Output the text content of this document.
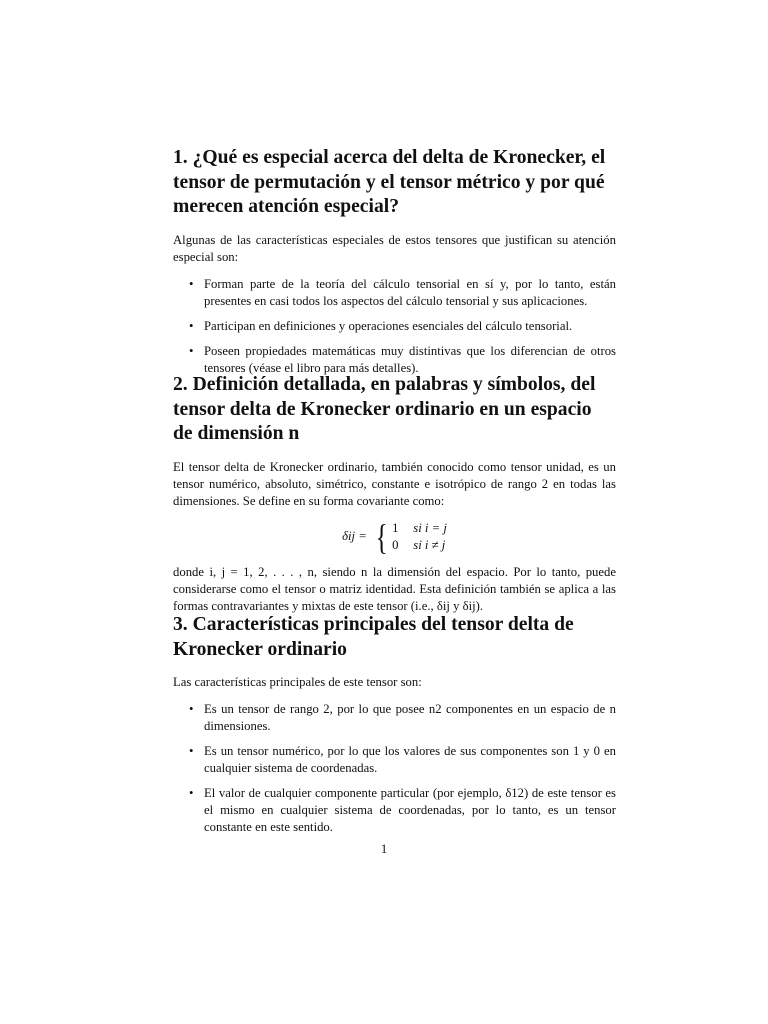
1. ¿Qué es especial acerca del delta de Kronecker, el tensor de permutación y el tensor métrico y por qué merecen atención especial?

Algunas de las características especiales de estos tensores que justifican su atención especial son:

• Forman parte de la teoría del cálculo tensorial en sí y, por lo tanto, están presentes en casi todos los aspectos del cálculo tensorial y sus aplicaciones.
• Participan en definiciones y operaciones esenciales del cálculo tensorial.
• Poseen propiedades matemáticas muy distintivas que los diferencian de otros tensores (véase el libro para más detalles).
2. Definición detallada, en palabras y símbolos, del tensor delta de Kronecker ordinario en un espacio de dimensión n

El tensor delta de Kronecker ordinario, también conocido como tensor unidad, es un tensor numérico, absoluto, simétrico, constante e isotrópico de rango 2 en todas las dimensiones. Se define en su forma covariante como:

δij = { 1 si i = j
0 si i ≠ j

donde i, j = 1, 2, . . . , n, siendo n la dimensión del espacio. Por lo tanto, puede considerarse como el tensor o matriz identidad. Esta definición también se aplica a las formas contravariantes y mixtas de este tensor (i.e., δij y δij).

3. Características principales del tensor delta de Kronecker ordinario

Las características principales de este tensor son:

• Es un tensor de rango 2, por lo que posee n2 componentes en un espacio de n dimensiones.
• Es un tensor numérico, por lo que los valores de sus componentes son 1 y 0 en cualquier sistema de coordenadas.
• El valor de cualquier componente particular (por ejemplo, δ12) de este tensor es el mismo en cualquier sistema de coordenadas, por lo tanto, es un tensor constante en este sentido.
1
